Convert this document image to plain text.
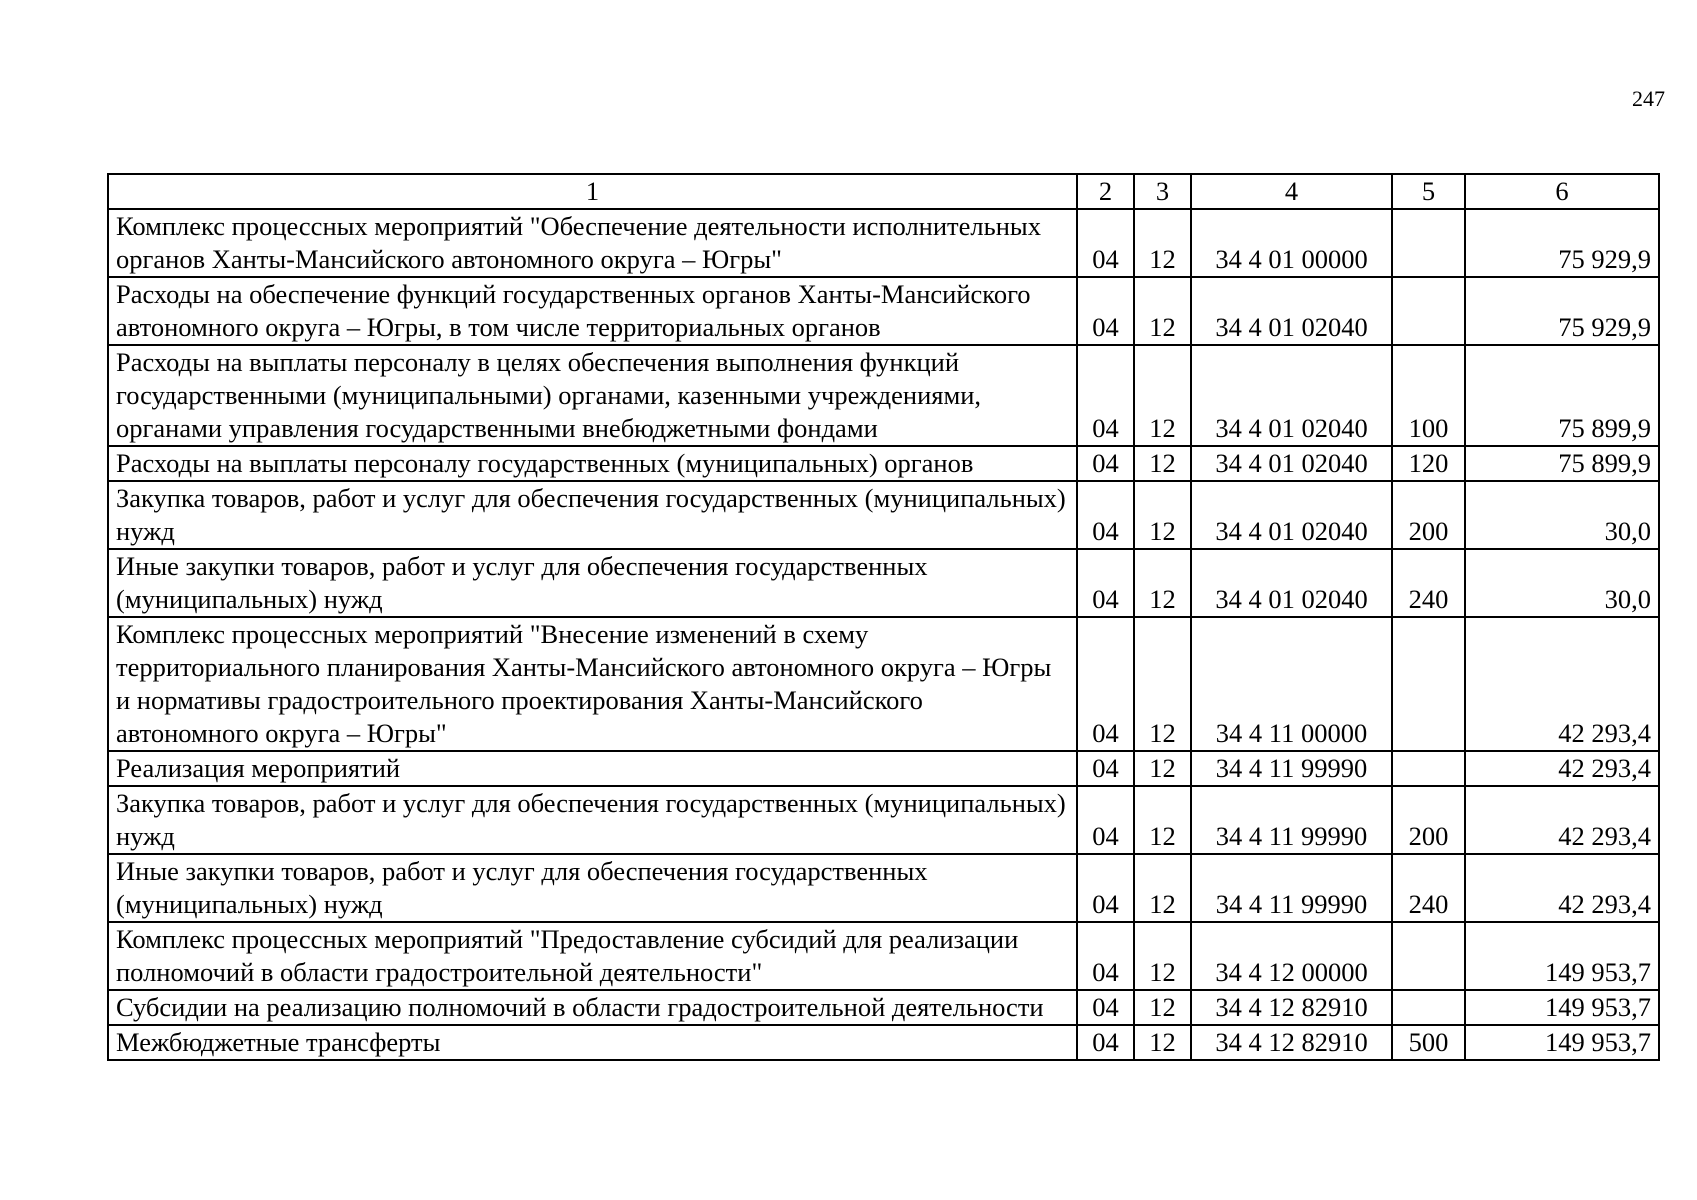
247
1	2	3	4	5	6
Комплекс процессных мероприятий "Обеспечение деятельности исполнительных органов Ханты-Мансийского автономного округа – Югры"	04	12	34 4 01 00000		75 929,9
Расходы на обеспечение функций государственных органов Ханты-Мансийского автономного округа – Югры, в том числе территориальных органов	04	12	34 4 01 02040		75 929,9
Расходы на выплаты персоналу в целях обеспечения выполнения функций государственными (муниципальными) органами, казенными учреждениями, органами управления государственными внебюджетными фондами	04	12	34 4 01 02040	100	75 899,9
Расходы на выплаты персоналу государственных (муниципальных) органов	04	12	34 4 01 02040	120	75 899,9
Закупка товаров, работ и услуг для обеспечения государственных (муниципальных) нужд	04	12	34 4 01 02040	200	30,0
Иные закупки товаров, работ и услуг для обеспечения государственных (муниципальных) нужд	04	12	34 4 01 02040	240	30,0
Комплекс процессных мероприятий "Внесение изменений в схему территориального планирования Ханты-Мансийского автономного округа – Югры и нормативы градостроительного проектирования Ханты-Мансийского автономного округа – Югры"	04	12	34 4 11 00000		42 293,4
Реализация мероприятий	04	12	34 4 11 99990		42 293,4
Закупка товаров, работ и услуг для обеспечения государственных (муниципальных) нужд	04	12	34 4 11 99990	200	42 293,4
Иные закупки товаров, работ и услуг для обеспечения государственных (муниципальных) нужд	04	12	34 4 11 99990	240	42 293,4
Комплекс процессных мероприятий "Предоставление субсидий для реализации полномочий в области градостроительной деятельности"	04	12	34 4 12 00000		149 953,7
Субсидии на реализацию полномочий в области градостроительной деятельности	04	12	34 4 12 82910		149 953,7
Межбюджетные трансферты	04	12	34 4 12 82910	500	149 953,7
